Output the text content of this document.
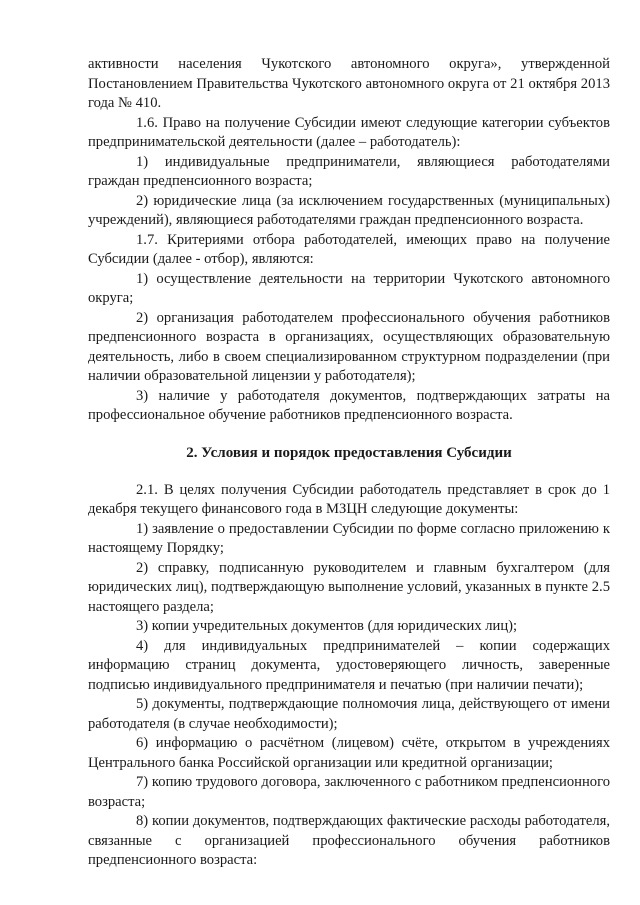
активности населения Чукотского автономного округа», утвержденной Постановлением Правительства Чукотского автономного округа от 21 октября 2013 года № 410.

1.6. Право на получение Субсидии имеют следующие категории субъектов предпринимательской деятельности (далее – работодатель):

1) индивидуальные предприниматели, являющиеся работодателями граждан предпенсионного возраста;

2) юридические лица (за исключением государственных (муниципальных) учреждений), являющиеся работодателями граждан предпенсионного возраста.

1.7. Критериями отбора работодателей, имеющих право на получение Субсидии (далее - отбор), являются:

1) осуществление деятельности на территории Чукотского автономного округа;

2) организация работодателем профессионального обучения работников предпенсионного возраста в организациях, осуществляющих образовательную деятельность, либо в своем специализированном структурном подразделении (при наличии образовательной лицензии у работодателя);

3) наличие у работодателя документов, подтверждающих затраты на профессиональное обучение работников предпенсионного возраста.

2. Условия и порядок предоставления Субсидии

2.1. В целях получения Субсидии работодатель представляет в срок до 1 декабря текущего финансового года в МЗЦН следующие документы:

1) заявление о предоставлении Субсидии по форме согласно приложению к настоящему Порядку;

2) справку, подписанную руководителем и главным бухгалтером (для юридических лиц), подтверждающую выполнение условий, указанных в пункте 2.5 настоящего раздела;

3) копии учредительных документов (для юридических лиц);

4) для индивидуальных предпринимателей – копии содержащих информацию страниц документа, удостоверяющего личность, заверенные подписью индивидуального предпринимателя и печатью (при наличии печати);

5) документы, подтверждающие полномочия лица, действующего от имени работодателя (в случае необходимости);

6) информацию о расчётном (лицевом) счёте, открытом в учреждениях Центрального банка Российской организации или кредитной организации;

7) копию трудового договора, заключенного с работником предпенсионного возраста;

8) копии документов, подтверждающих фактические расходы работодателя, связанные с организацией профессионального обучения работников предпенсионного возраста:
